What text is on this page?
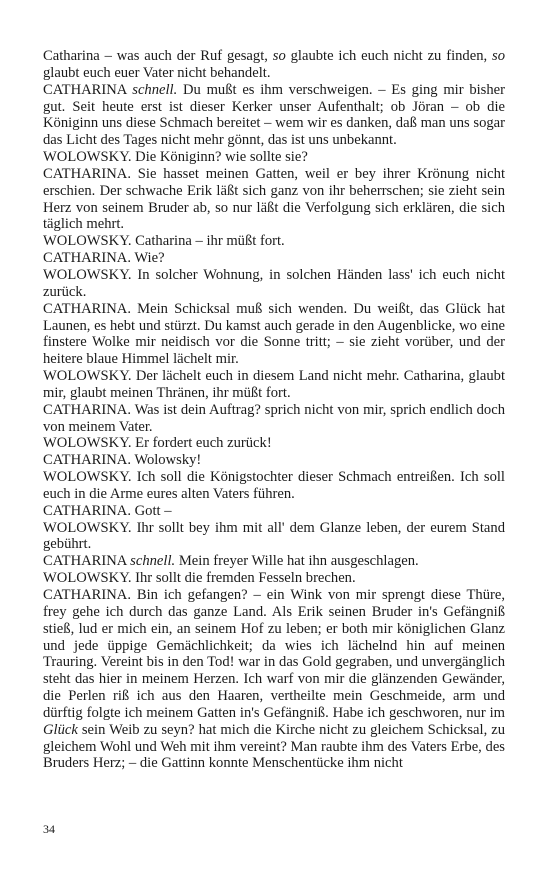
Catharina – was auch der Ruf gesagt, so glaubte ich euch nicht zu finden, so glaubt euch euer Vater nicht behandelt.

CATHARINA schnell. Du mußt es ihm verschweigen. – Es ging mir bisher gut. Seit heute erst ist dieser Kerker unser Aufenthalt; ob Jöran – ob die Königinn uns diese Schmach bereitet – wem wir es danken, daß man uns sogar das Licht des Tages nicht mehr gönnt, das ist uns unbekannt.

WOLOWSKY. Die Königinn? wie sollte sie?

CATHARINA. Sie hasset meinen Gatten, weil er bey ihrer Krönung nicht erschien. Der schwache Erik läßt sich ganz von ihr beherrschen; sie zieht sein Herz von seinem Bruder ab, so nur läßt die Verfolgung sich erklären, die sich täglich mehrt.

WOLOWSKY. Catharina – ihr müßt fort.

CATHARINA. Wie?

WOLOWSKY. In solcher Wohnung, in solchen Händen lass' ich euch nicht zurück.

CATHARINA. Mein Schicksal muß sich wenden. Du weißt, das Glück hat Launen, es hebt und stürzt. Du kamst auch gerade in den Augenblicke, wo eine finstere Wolke mir neidisch vor die Sonne tritt; – sie zieht vorüber, und der heitere blaue Himmel lächelt mir.

WOLOWSKY. Der lächelt euch in diesem Land nicht mehr. Catharina, glaubt mir, glaubt meinen Thränen, ihr müßt fort.

CATHARINA. Was ist dein Auftrag? sprich nicht von mir, sprich endlich doch von meinem Vater.

WOLOWSKY. Er fordert euch zurück!

CATHARINA. Wolowsky!

WOLOWSKY. Ich soll die Königstochter dieser Schmach entreißen. Ich soll euch in die Arme eures alten Vaters führen.

CATHARINA. Gott –

WOLOWSKY. Ihr sollt bey ihm mit all' dem Glanze leben, der eurem Stand gebührt.

CATHARINA schnell. Mein freyer Wille hat ihn ausgeschlagen.

WOLOWSKY. Ihr sollt die fremden Fesseln brechen.

CATHARINA. Bin ich gefangen? – ein Wink von mir sprengt diese Thüre, frey gehe ich durch das ganze Land. Als Erik seinen Bruder in's Gefängniß stieß, lud er mich ein, an seinem Hof zu leben; er both mir königlichen Glanz und jede üppige Gemächlichkeit; da wies ich lächelnd hin auf meinen Trauring. Vereint bis in den Tod! war in das Gold gegraben, und unvergänglich steht das hier in meinem Herzen. Ich warf von mir die glänzenden Gewänder, die Perlen riß ich aus den Haaren, vertheilte mein Geschmeide, arm und dürftig folgte ich meinem Gatten in's Gefängniß. Habe ich geschworen, nur im Glück sein Weib zu seyn? hat mich die Kirche nicht zu gleichem Schicksal, zu gleichem Wohl und Weh mit ihm vereint? Man raubte ihm des Vaters Erbe, des Bruders Herz; – die Gattinn konnte Menschentücke ihm nicht

34
